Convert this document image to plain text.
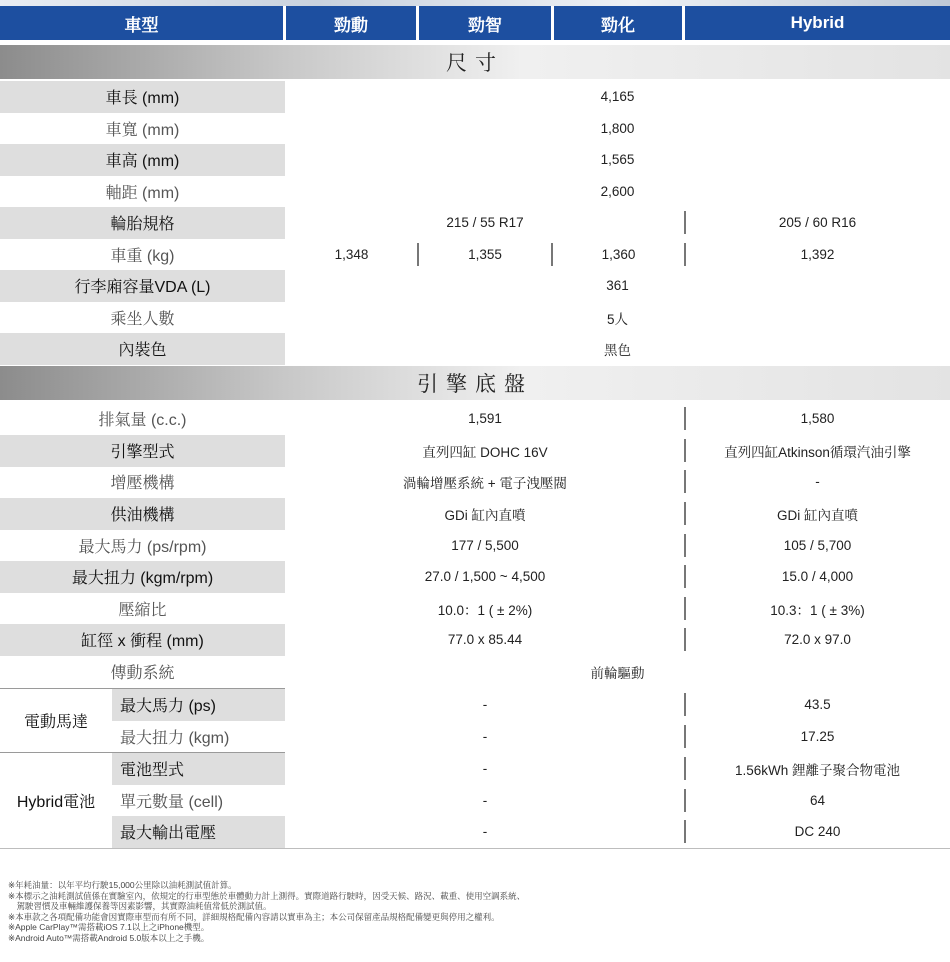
車型	勁動	勁智	勁化	Hybrid
尺寸
車長 (mm)	4,165
車寬 (mm)	1,800
車高 (mm)	1,565
軸距 (mm)	2,600
輪胎規格	215 / 55 R17	205 / 60 R16
車重 (kg)	1,348	1,355	1,360	1,392
行李廂容量VDA (L)	361
乘坐人數	5人
內裝色	黑色
引擎底盤
排氣量 (c.c.)	1,591	1,580
引擎型式	直列四缸 DOHC 16V	直列四缸Atkinson循環汽油引擎
增壓機構	渦輪增壓系統 + 電子洩壓閥	-
供油機構	GDi 缸內直噴	GDi 缸內直噴
最大馬力 (ps/rpm)	177 / 5,500	105 / 5,700
最大扭力 (kgm/rpm)	27.0 / 1,500 ~ 4,500	15.0 / 4,000
壓縮比	10.0：1 ( ± 2%)	10.3：1 ( ± 3%)
缸徑 x 衝程 (mm)	77.0 x 85.44	72.0 x 97.0
傳動系統	前輪驅動
電動馬達
最大馬力 (ps)	-	43.5
最大扭力 (kgm)	-	17.25
Hybrid電池
電池型式	-	1.56kWh 鋰離子聚合物電池
單元數量 (cell)	-	64
最大輸出電壓	-	DC 240
※年耗油量：以年平均行駛15,000公里除以油耗測試值計算。
※本標示之油耗測試值係在實驗室內，依規定的行車型態於車體動力計上測得。實際道路行駛時，因受天候、路況、載重、使用空調系統、
　駕駛習慣及車輛維護保養等因素影響，其實際油耗值常低於測試值。
※本車款之各項配備功能會因實際車型而有所不同，詳細規格配備內容請以實車為主；本公司保留產品規格配備變更與停用之權利。
※Apple CarPlay™需搭載iOS 7.1以上之iPhone機型。
※Android Auto™需搭載Android 5.0版本以上之手機。
